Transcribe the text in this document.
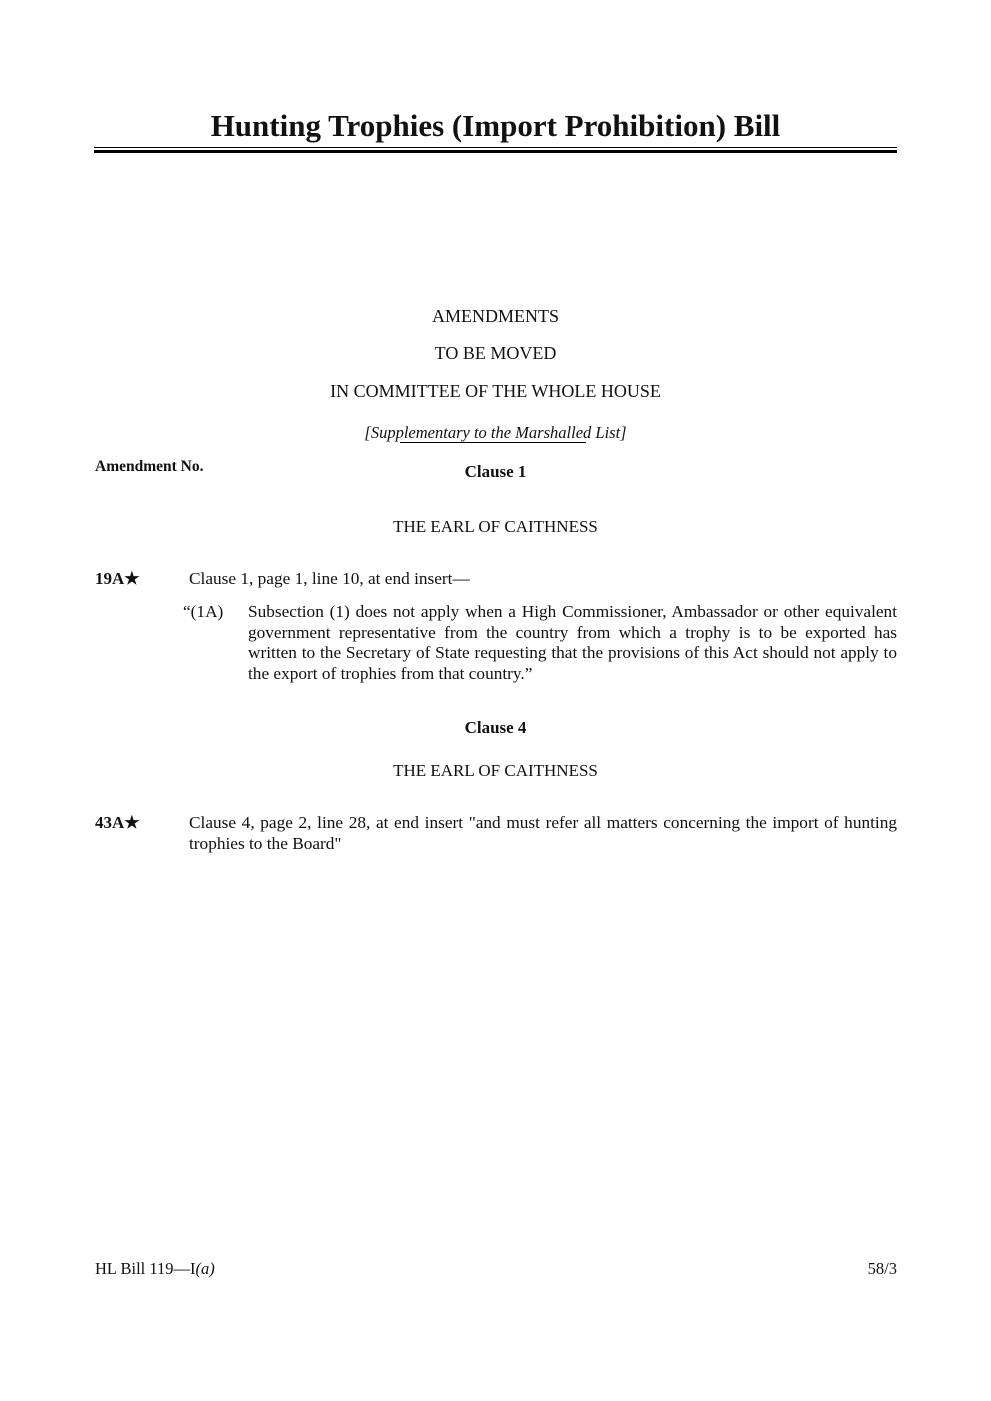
Hunting Trophies (Import Prohibition) Bill
AMENDMENTS
TO BE MOVED
IN COMMITTEE OF THE WHOLE HOUSE
[Supplementary to the Marshalled List]
Amendment No.	Clause 1
THE EARL OF CAITHNESS
19A★	Clause 1, page 1, line 10, at end insert—
“(1A) Subsection (1) does not apply when a High Commissioner, Ambassador or other equivalent government representative from the country from which a trophy is to be exported has written to the Secretary of State requesting that the provisions of this Act should not apply to the export of trophies from that country.”
Clause 4
THE EARL OF CAITHNESS
43A★	Clause 4, page 2, line 28, at end insert "and must refer all matters concerning the import of hunting trophies to the Board"
HL Bill 119—I(a)	58/3
